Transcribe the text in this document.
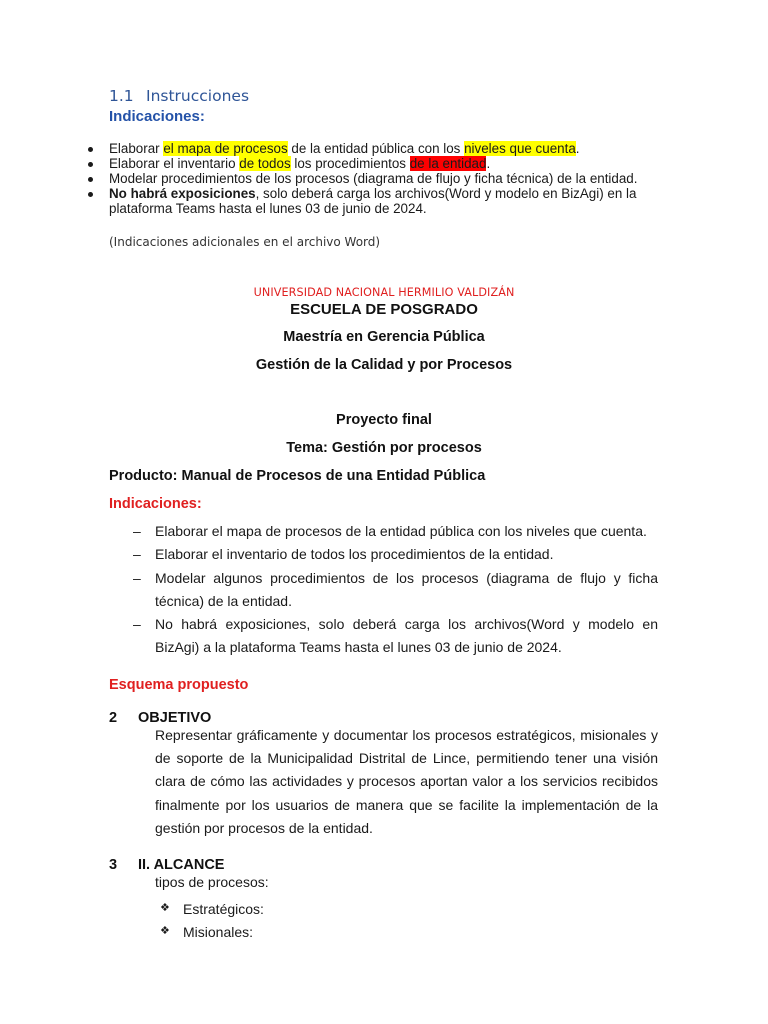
1.1 Instrucciones
Indicaciones:
Elaborar el mapa de procesos de la entidad pública con los niveles que cuenta.
Elaborar el inventario de todos los procedimientos de la entidad.
Modelar procedimientos de los procesos (diagrama de flujo y ficha técnica) de la entidad.
No habrá exposiciones, solo deberá carga los archivos(Word y modelo en BizAgi) en la
plataforma Teams hasta el lunes 03 de junio de 2024.
(Indicaciones adicionales en el archivo Word)
UNIVERSIDAD NACIONAL HERMILIO VALDIZÁN
ESCUELA DE POSGRADO
Maestría en Gerencia Pública
Gestión de la Calidad y por Procesos
Proyecto final
Tema: Gestión por procesos
Producto: Manual de Procesos de una Entidad Pública
Indicaciones:
– Elaborar el mapa de procesos de la entidad pública con los niveles que cuenta.
– Elaborar el inventario de todos los procedimientos de la entidad.
– Modelar algunos procedimientos de los procesos (diagrama de flujo y ficha técnica) de la entidad.
– No habrá exposiciones, solo deberá carga los archivos(Word y modelo en BizAgi) a la plataforma Teams hasta el lunes 03 de junio de 2024.
Esquema propuesto
2 OBJETIVO
Representar gráficamente y documentar los procesos estratégicos, misionales y de soporte de la Municipalidad Distrital de Lince, permitiendo tener una visión clara de cómo las actividades y procesos aportan valor a los servicios recibidos finalmente por los usuarios de manera que se facilite la implementación de la gestión por procesos de la entidad.
3 II. ALCANCE
tipos de procesos:
❖ Estratégicos:
❖ Misionales:
